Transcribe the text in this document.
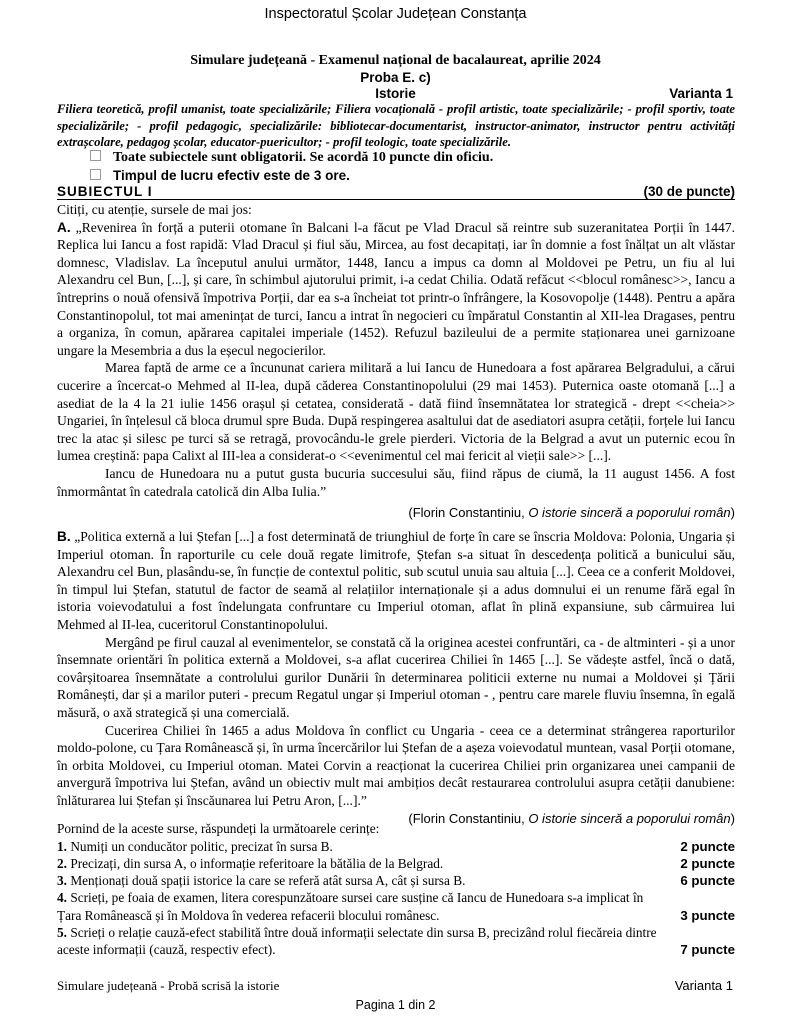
Inspectoratul Școlar Județean Constanța
Simulare județeană - Examenul național de bacalaureat, aprilie 2024
Proba E. c)
Istorie	Varianta 1
Filiera teoretică, profil umanist, toate specializările; Filiera vocațională - profil artistic, toate specializările; - profil sportiv, toate specializările; - profil pedagogic, specializările: bibliotecar-documentarist, instructor-animator, instructor pentru activități extrașcolare, pedagog școlar, educator-puericultor; - profil teologic, toate specializările.
Toate subiectele sunt obligatorii. Se acordă 10 puncte din oficiu.
Timpul de lucru efectiv este de 3 ore.
SUBIECTUL I	(30 de puncte)

Citiți, cu atenție, sursele de mai jos:

A. „Revenirea în forță a puterii otomane în Balcani l-a făcut pe Vlad Dracul să reintre sub suzeranitatea Porții în 1447. Replica lui Iancu a fost rapidă: Vlad Dracul și fiul său, Mircea, au fost decapitați, iar în domnie a fost înălțat un alt vlăstar domnesc, Vladislav. La începutul anului următor, 1448, Iancu a impus ca domn al Moldovei pe Petru, un fiu al lui Alexandru cel Bun, [...], și care, în schimbul ajutorului primit, i-a cedat Chilia. Odată refăcut <<blocul românesc>>, Iancu a întreprins o nouă ofensivă împotriva Porții, dar ea s-a încheiat tot printr-o înfrângere, la Kosovopolje (1448). Pentru a apăra Constantinopolul, tot mai amenințat de turci, Iancu a intrat în negocieri cu împăratul Constantin al XII-lea Dragases, pentru a organiza, în comun, apărarea capitalei imperiale (1452). Refuzul bazileului de a permite staționarea unei garnizoane ungare la Mesembria a dus la eșecul negocierilor.

Marea faptă de arme ce a încununat cariera militară a lui Iancu de Hunedoara a fost apărarea Belgradului, a cărui cucerire a încercat-o Mehmed al II-lea, după căderea Constantinopolului (29 mai 1453). Puternica oaste otomană [...] a asediat de la 4 la 21 iulie 1456 orașul și cetatea, considerată - dată fiind însemnătatea lor strategică - drept <<cheia>> Ungariei, în înțelesul că bloca drumul spre Buda. După respingerea asaltului dat de asediatori asupra cetății, forțele lui Iancu trec la atac și silesc pe turci să se retragă, provocându-le grele pierderi. Victoria de la Belgrad a avut un puternic ecou în lumea creștină: papa Calixt al III-lea a considerat-o <<evenimentul cel mai fericit al vieții sale>> [...].

Iancu de Hunedoara nu a putut gusta bucuria succesului său, fiind răpus de ciumă, la 11 august 1456. A fost înmormântat în catedrala catolică din Alba Iulia.”

(Florin Constantiniu, O istorie sinceră a poporului român)

B. „Politica externă a lui Ștefan [...] a fost determinată de triunghiul de forțe în care se înscria Moldova: Polonia, Ungaria și Imperiul otoman. În raporturile cu cele două regate limitrofe, Ștefan s-a situat în descedența politică a bunicului său, Alexandru cel Bun, plasându-se, în funcție de contextul politic, sub scutul unuia sau altuia [...]. Ceea ce a conferit Moldovei, în timpul lui Ștefan, statutul de factor de seamă al relațiilor internaționale și a adus domnului ei un renume fără egal în istoria voievodatului a fost îndelungata confruntare cu Imperiul otoman, aflat în plină expansiune, sub cârmuirea lui Mehmed al II-lea, cuceritorul Constantinopolului.

Mergând pe firul cauzal al evenimentelor, se constată că la originea acestei confruntări, ca - de altminteri - și a unor însemnate orientări în politica externă a Moldovei, s-a aflat cucerirea Chiliei în 1465 [...]. Se vădește astfel, încă o dată, covârșitoarea însemnătate a controlului gurilor Dunării în determinarea politicii externe nu numai a Moldovei și Țării Românești, dar și a marilor puteri - precum Regatul ungar și Imperiul otoman - , pentru care marele fluviu însemna, în egală măsură, o axă strategică și una comercială.

Cucerirea Chiliei în 1465 a adus Moldova în conflict cu Ungaria - ceea ce a determinat strângerea raporturilor moldo-polone, cu Țara Românească și, în urma încercărilor lui Ștefan de a așeza voievodatul muntean, vasal Porții otomane, în orbita Moldovei, cu Imperiul otoman. Matei Corvin a reacționat la cucerirea Chiliei prin organizarea unei campanii de anvergură împotriva lui Ștefan, având un obiectiv mult mai ambițios decât restaurarea controlului asupra cetății danubiene: înlăturarea lui Ștefan și înscăunarea lui Petru Aron, [...].”

(Florin Constantiniu, O istorie sinceră a poporului român)

Pornind de la aceste surse, răspundeți la următoarele cerințe:
1. Numiți un conducător politic, precizat în sursa B.	2 puncte
2. Precizați, din sursa A, o informație referitoare la bătălia de la Belgrad.	2 puncte
3. Menționați două spații istorice la care se referă atât sursa A, cât și sursa B.	6 puncte
4. Scrieți, pe foaia de examen, litera corespunzătoare sursei care susține că Iancu de Hunedoara s-a implicat în Țara Românească și în Moldova în vederea refacerii blocului românesc.	3 puncte
5. Scrieți o relație cauză-efect stabilită între două informații selectate din sursa B, precizând rolul fiecăreia dintre aceste informații (cauză, respectiv efect).	7 puncte
Simulare județeană - Probă scrisă la istorie	Varianta 1
Pagina 1 din 2
